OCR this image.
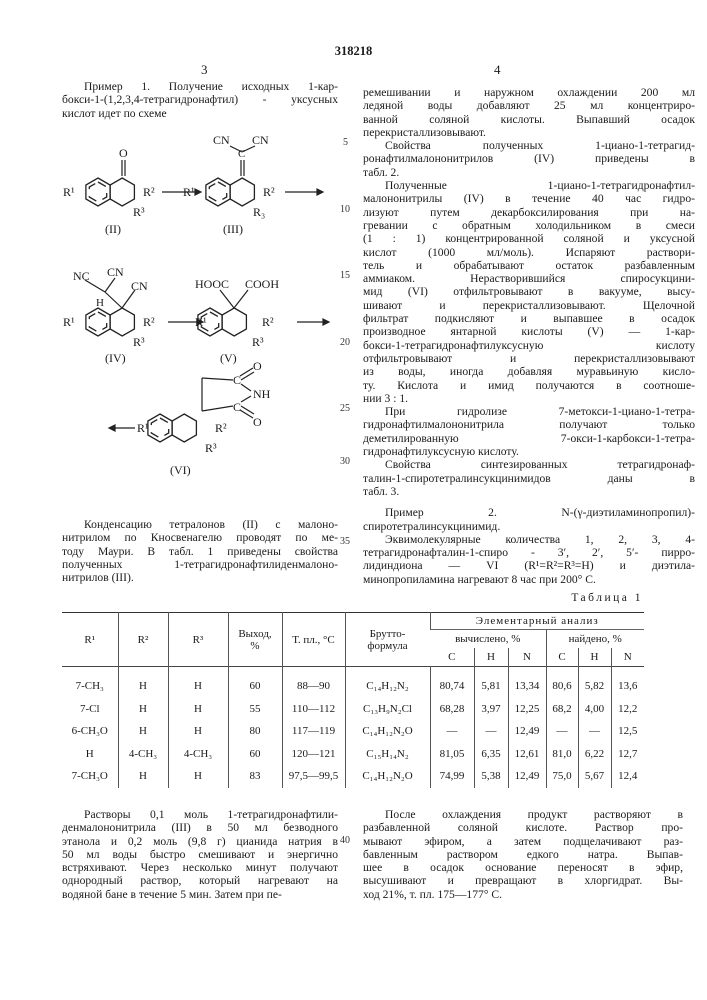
318218
3	4
Пример 1. Получение исходных 1-кар-
бокси-1-(1,2,3,4-тетрагидронафтил) - уксусных
кислот идет по схеме
O
R¹	R²
R³
(II)
CN CN
C
R¹	R²
R₃
(III)
NC CN
CN
H
R¹	R²
R³
(IV)
HOOC COOH
R¹	R²
R³
(V)
C
C
O
O
NH
R¹	R²
R³
(VI)
Конденсацию тетралонов (II) с малоно-
нитрилом по Кносвенагелю проводят по ме-
тоду Маури. В табл. 1 приведены свойства
полученных 1-тетрагидронафтилиденмалоно-
нитрилов (III).
ремешивании и наружном охлаждении 200 мл
ледяной воды добавляют 25 мл концентриро-
ванной соляной кислоты. Выпавший осадок
перекристаллизовывают.
Свойства полученных 1-циано-1-тетрагид-
ронафтилмалононитрилов (IV) приведены в
табл. 2.
Полученные 1-циано-1-тетрагидронафтил-
малононитрилы (IV) в течение 40 час гидро-
лизуют путем декарбоксилирования при на-
гревании с обратным холодильником в смеси
(1 : 1) концентрированной соляной и уксусной
кислот (1000 мл/моль). Испаряют раствори-
тель и обрабатывают остаток разбавленным
аммиаком. Нерастворившийся спиросукцини-
мид (VI) отфильтровывают в вакууме, высу-
шивают и перекристаллизовывают. Щелочной
фильтрат подкисляют и выпавшее в осадок
производное янтарной кислоты (V) — 1-кар-
бокси-1-тетрагидронафтилуксусную кислоту
отфильтровывают и перекристаллизовывают
из воды, иногда добавляя муравьиную кисло-
ту. Кислота и имид получаются в соотноше-
нии 3 : 1.
При гидролизе 7-метокси-1-циано-1-тетра-
гидронафтилмалононитрила получают только
деметилированную 7-окси-1-карбокси-1-тетра-
гидронафтилуксусную кислоту.
Свойства синтезированных тетрагидронаф-
талин-1-спиротетралинсукцинимидов даны в
табл. 3.
Пример 2. N-(γ-диэтиламинопропил)-
спиротетралинсукцинимид.
Эквимолекулярные количества 1, 2, 3, 4-
тетрагидронафталин-1-спиро - 3′, 2′, 5′- пирро-
лидиндиона — VI (R¹=R²=R³=H) и диэтила-
минопропиламина нагревают 8 час при 200° C.
5
10
15
20
25
30
35
40
Таблица 1
R¹	R²	R³	Выход, %	Т. пл., °С	Брутто-формула	Элементарный анализ
вычислено, %	найдено, %
C	H	N	C	H	N
7-CH₃	H	H	60	88—90	C₁₄H₁₂N₂	80,74	5,81	13,34	80,6	5,82	13,6
7-Cl	H	H	55	110—112	C₁₃H₉N₂Cl	68,28	3,97	12,25	68,2	4,00	12,2
6-CH₃O	H	H	80	117—119	C₁₄H₁₂N₂O	—	—	12,49	—	—	12,5
H	4-CH₃	4-CH₃	60	120—121	C₁₅H₁₄N₂	81,05	6,35	12,61	81,0	6,22	12,7
7-CH₃O	H	H	83	97,5—99,5	C₁₄H₁₂N₂O	74,99	5,38	12,49	75,0	5,67	12,4
Растворы 0,1 моль 1-тетрагидронафтили-
денмалононитрила (III) в 50 мл безводного
этанола и 0,2 моль (9,8 г) цианида натрия в
50 мл воды быстро смешивают и энергично
встряхивают. Через несколько минут получают
однородный раствор, который нагревают на
водяной бане в течение 5 мин. Затем при пе-
После охлаждения продукт растворяют в
разбавленной соляной кислоте. Раствор про-
мывают эфиром, а затем подщелачивают раз-
бавленным раствором едкого натра. Выпав-
шее в осадок основание переносят в эфир,
высушивают и превращают в хлоргидрат. Вы-
ход 21%, т. пл. 175—177° С.
